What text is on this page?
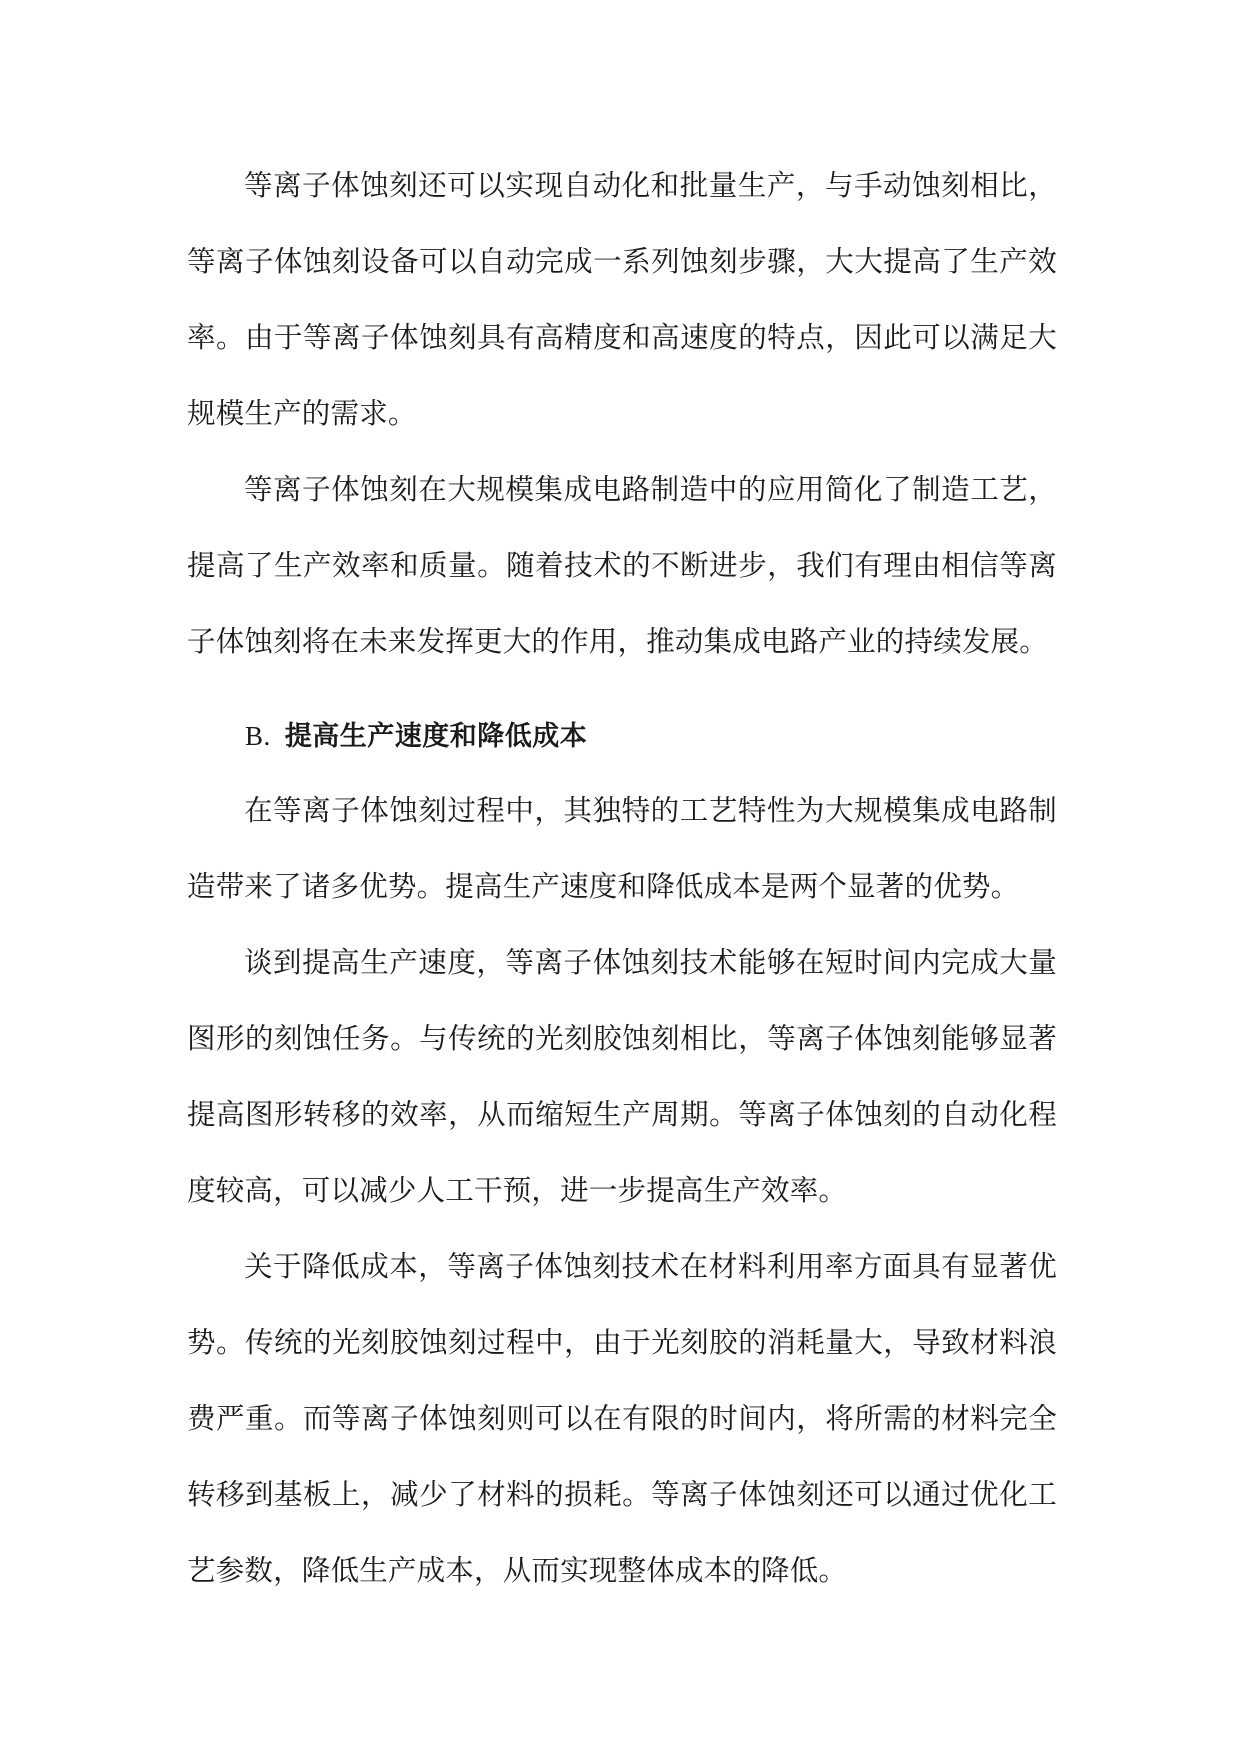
等离子体蚀刻还可以实现自动化和批量生产，与手动蚀刻相比，等离子体蚀刻设备可以自动完成一系列蚀刻步骤，大大提高了生产效率。由于等离子体蚀刻具有高精度和高速度的特点，因此可以满足大规模生产的需求。

等离子体蚀刻在大规模集成电路制造中的应用简化了制造工艺，提高了生产效率和质量。随着技术的不断进步，我们有理由相信等离子体蚀刻将在未来发挥更大的作用，推动集成电路产业的持续发展。

B. 提高生产速度和降低成本

在等离子体蚀刻过程中，其独特的工艺特性为大规模集成电路制造带来了诸多优势。提高生产速度和降低成本是两个显著的优势。

谈到提高生产速度，等离子体蚀刻技术能够在短时间内完成大量图形的刻蚀任务。与传统的光刻胶蚀刻相比，等离子体蚀刻能够显著提高图形转移的效率，从而缩短生产周期。等离子体蚀刻的自动化程度较高，可以减少人工干预，进一步提高生产效率。

关于降低成本，等离子体蚀刻技术在材料利用率方面具有显著优势。传统的光刻胶蚀刻过程中，由于光刻胶的消耗量大，导致材料浪费严重。而等离子体蚀刻则可以在有限的时间内，将所需的材料完全转移到基板上，减少了材料的损耗。等离子体蚀刻还可以通过优化工艺参数，降低生产成本，从而实现整体成本的降低。
